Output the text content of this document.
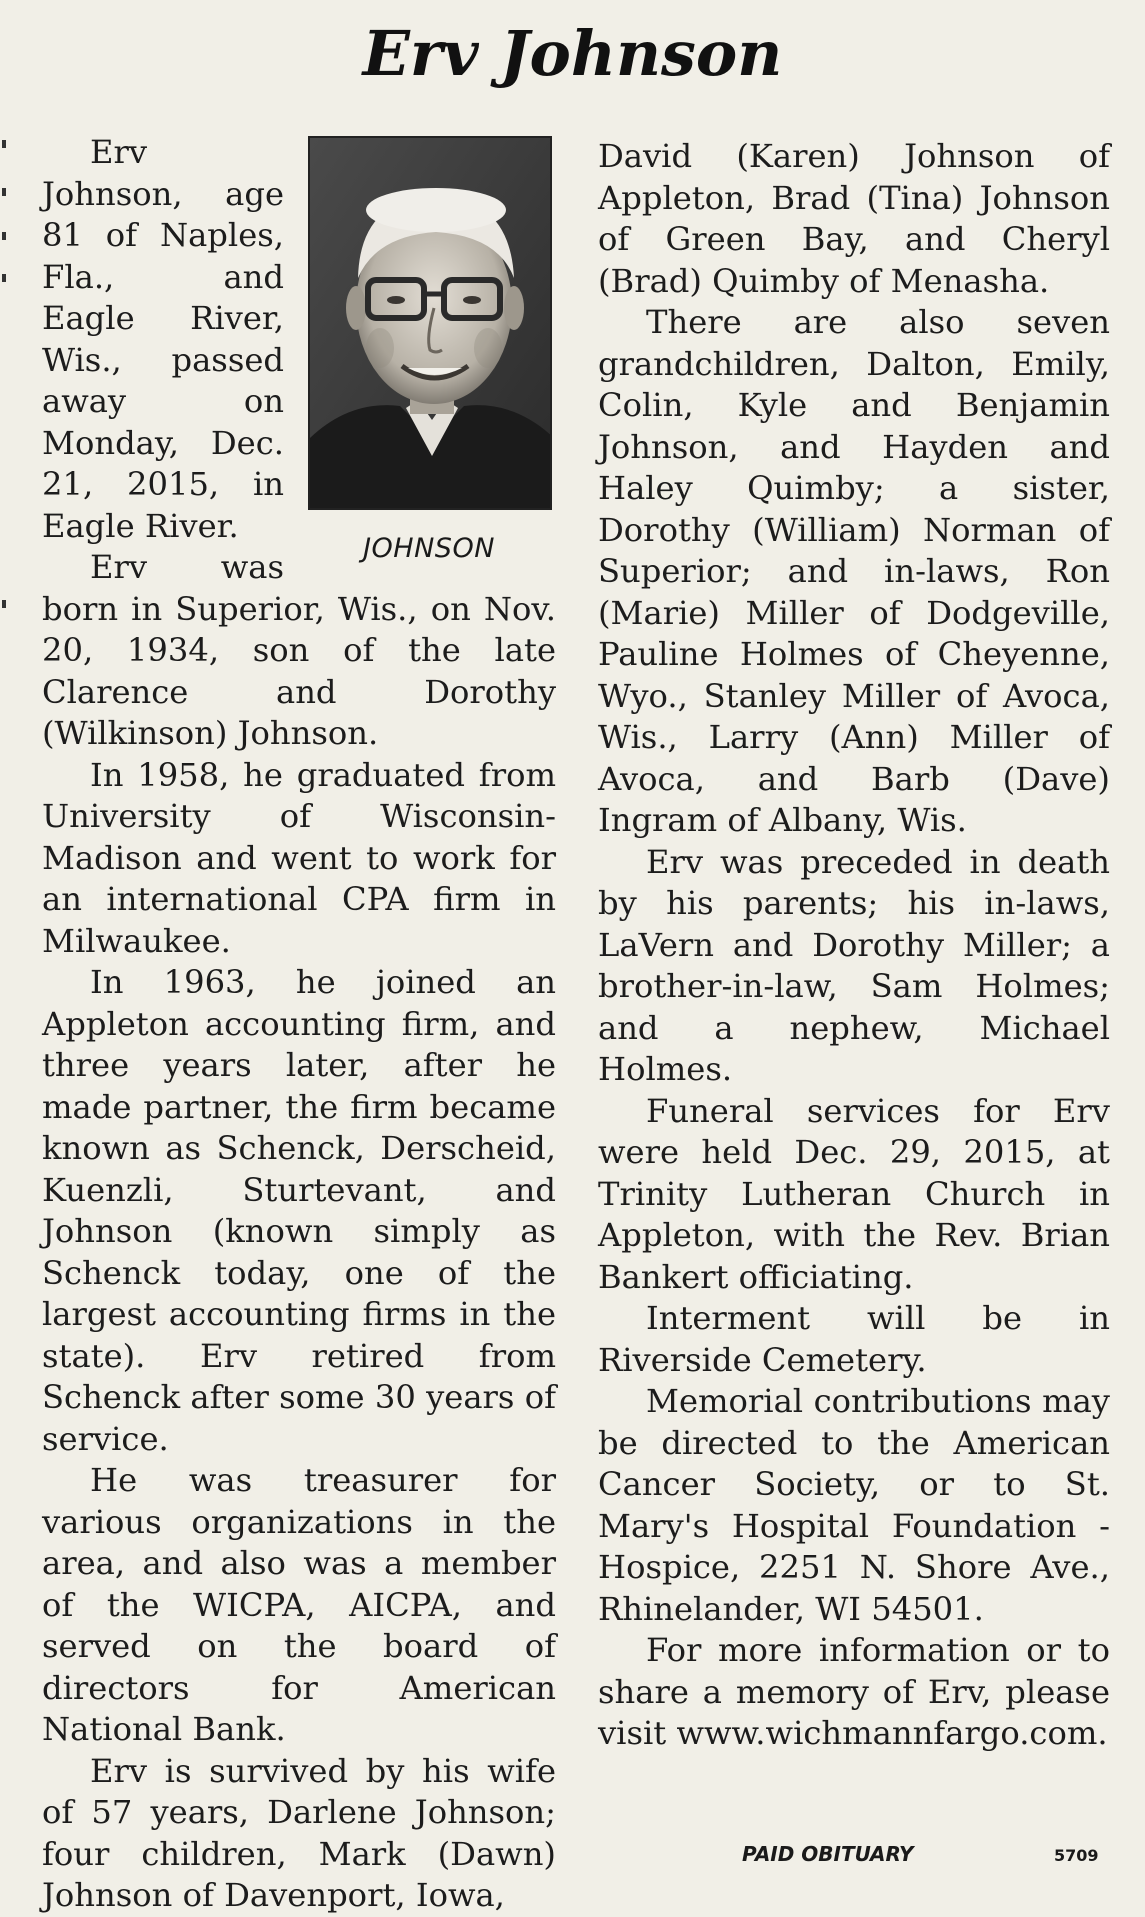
Erv Johnson
JOHNSON

Erv Johnson, age 81 of Naples, Fla., and Eagle River, Wis., passed away on Monday, Dec. 21, 2015, in Eagle River.

Erv was born in Superior, Wis., on Nov. 20, 1934, son of the late Clarence and Dorothy (Wilkinson) Johnson.

In 1958, he graduated from University of Wisconsin-Madison and went to work for an international CPA firm in Milwaukee.

In 1963, he joined an Appleton accounting firm, and three years later, after he made partner, the firm became known as Schenck, Derscheid, Kuenzli, Sturtevant, and Johnson (known simply as Schenck today, one of the largest accounting firms in the state). Erv retired from Schenck after some 30 years of service.

He was treasurer for various organizations in the area, and also was a member of the WICPA, AICPA, and served on the board of directors for American National Bank.

Erv is survived by his wife of 57 years, Darlene Johnson; four children, Mark (Dawn) Johnson of Davenport, Iowa,

David (Karen) Johnson of Appleton, Brad (Tina) Johnson of Green Bay, and Cheryl (Brad) Quimby of Menasha.

There are also seven grandchildren, Dalton, Emily, Colin, Kyle and Benjamin Johnson, and Hayden and Haley Quimby; a sister, Dorothy (William) Norman of Superior; and in-laws, Ron (Marie) Miller of Dodgeville, Pauline Holmes of Cheyenne, Wyo., Stanley Miller of Avoca, Wis., Larry (Ann) Miller of Avoca, and Barb (Dave) Ingram of Albany, Wis.

Erv was preceded in death by his parents; his in-laws, LaVern and Dorothy Miller; a brother-in-law, Sam Holmes; and a nephew, Michael Holmes.

Funeral services for Erv were held Dec. 29, 2015, at Trinity Lutheran Church in Appleton, with the Rev. Brian Bankert officiating.

Interment will be in Riverside Cemetery.

Memorial contributions may be directed to the American Cancer Society, or to St. Mary's Hospital Foundation - Hospice, 2251 N. Shore Ave., Rhinelander, WI 54501.

For more information or to share a memory of Erv, please visit www.wichmannfargo.com.

PAID OBITUARY	5709
